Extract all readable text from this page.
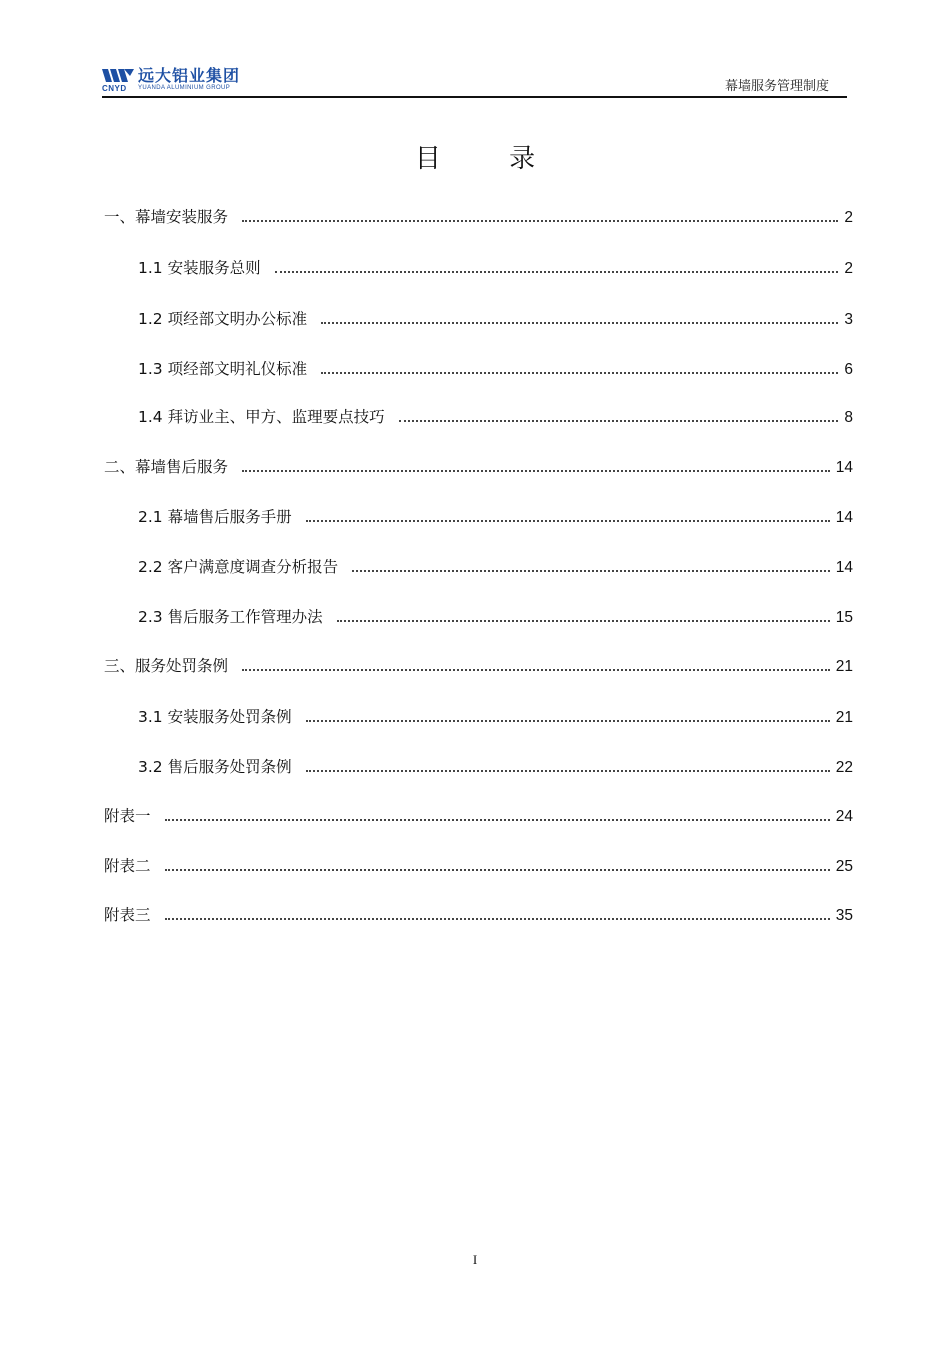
远大铝业集团
YUANDA ALUMINIUM GROUP
CNYD	幕墙服务管理制度
目 录
一、幕墙安装服务	2
1.1 安装服务总则	2
1.2 项经部文明办公标准	3
1.3 项经部文明礼仪标准	6
1.4 拜访业主、甲方、监理要点技巧	8
二、幕墙售后服务	14
2.1 幕墙售后服务手册	14
2.2 客户满意度调查分析报告	14
2.3 售后服务工作管理办法	15
三、服务处罚条例	21
3.1 安装服务处罚条例	21
3.2 售后服务处罚条例	22
附表一	24
附表二	25
附表三	35
I
